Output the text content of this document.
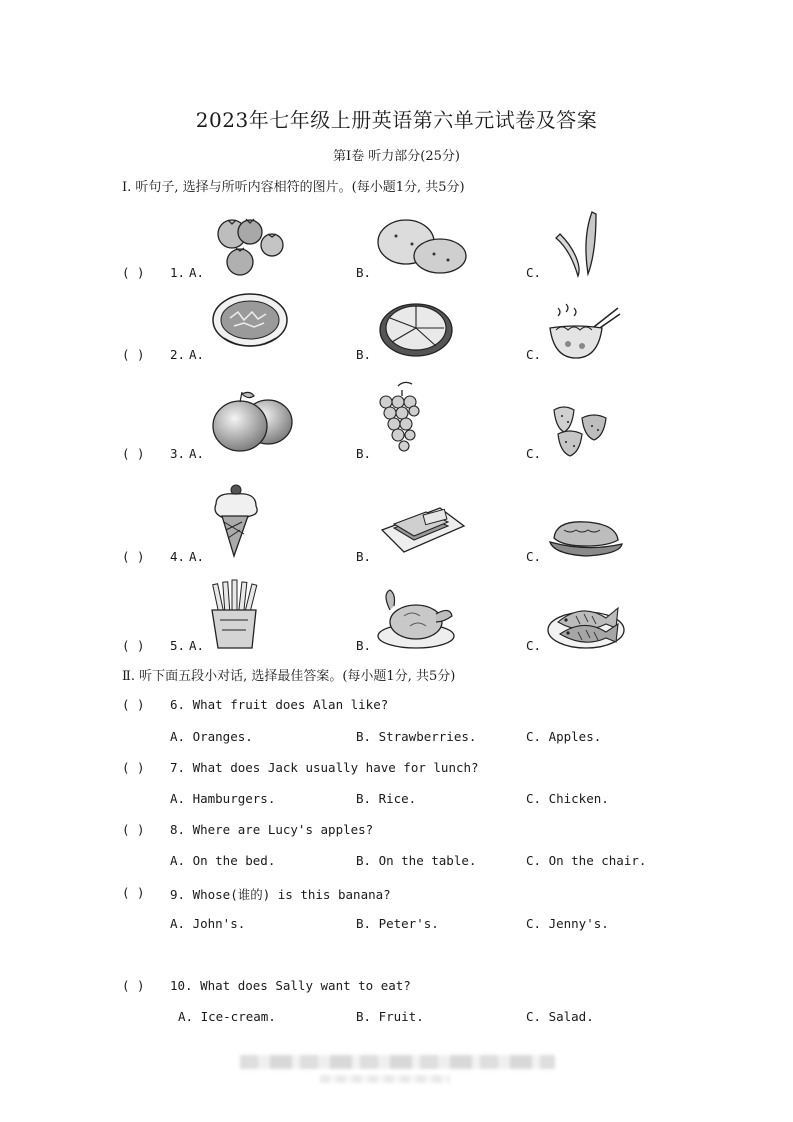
2023年七年级上册英语第六单元试卷及答案
第Ⅰ卷 听力部分(25分)
Ⅰ. 听句子, 选择与所听内容相符的图片。(每小题1分, 共5分)
( ) 1. A.	B.	C.
( ) 2. A.	B.	C.
( ) 3. A.	B.	C.
( ) 4. A.	B.	C.
( ) 5. A.	B.	C.
Ⅱ. 听下面五段小对话, 选择最佳答案。(每小题1分, 共5分)
( ) 6. What fruit does Alan like?
A. Oranges.	B. Strawberries.	C. Apples.
( ) 7. What does Jack usually have for lunch?
A. Hamburgers.	B. Rice.	C. Chicken.
( ) 8. Where are Lucy's apples?
A. On the bed.	B. On the table.	C. On the chair.
( ) 9. Whose(谁的) is this banana?
A. John's.	B. Peter's.	C. Jenny's.
( ) 10. What does Sally want to eat?
A. Ice-cream.	B. Fruit.	C. Salad.
